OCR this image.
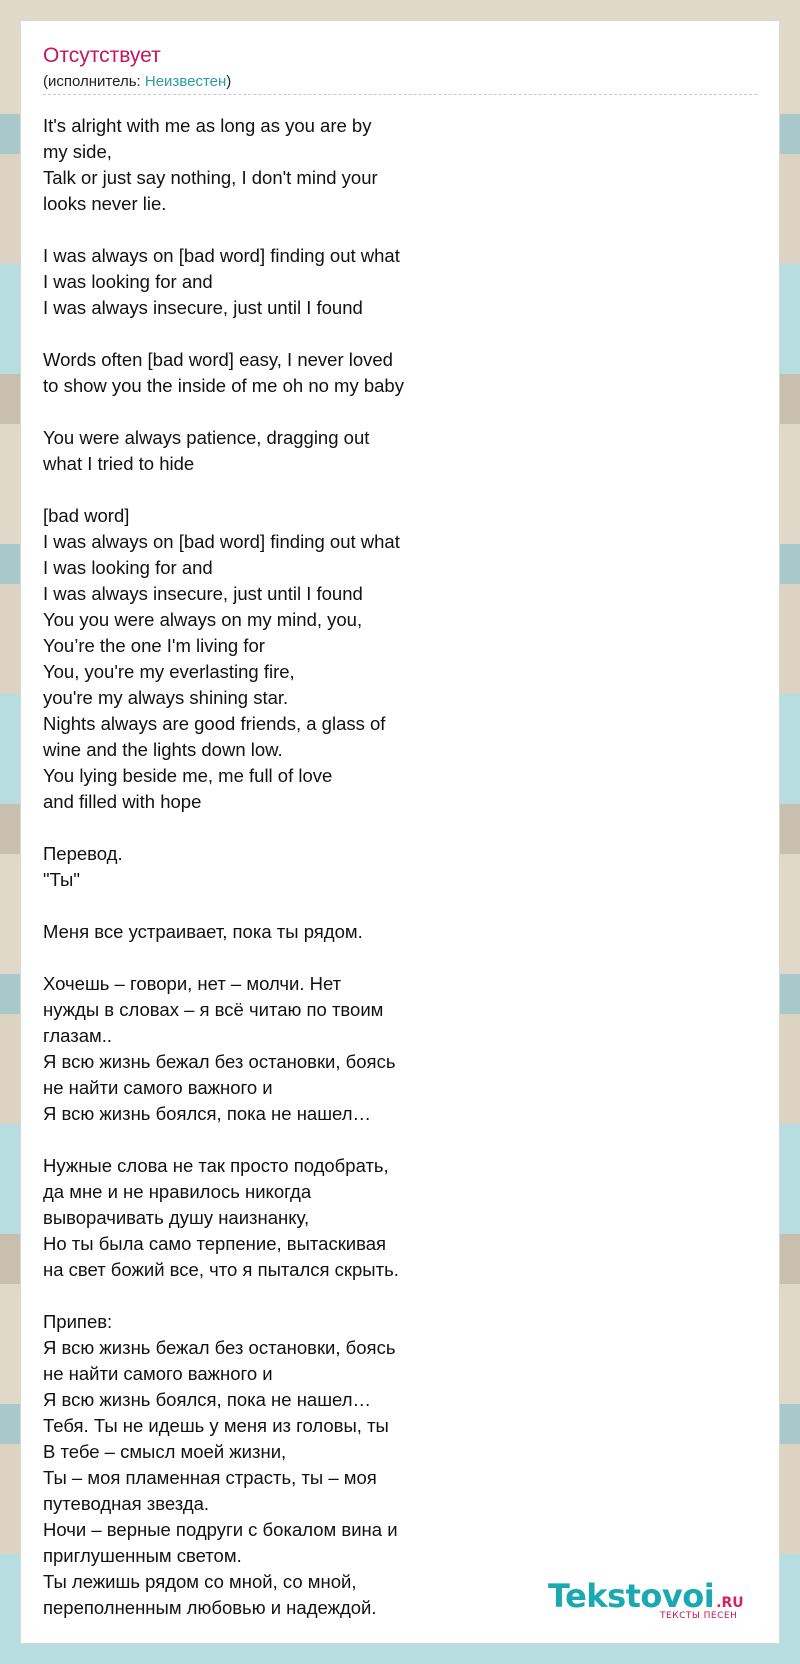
Отсутствует
(исполнитель: Неизвестен)
It's alright with me as long as you are by
my side,
Talk or just say nothing, I don't mind your
looks never lie.

I was always on [bad word] finding out what
I was looking for and
I was always insecure, just until I found

Words often [bad word] easy, I never loved
to show you the inside of me oh no my baby

You were always patience, dragging out
what I tried to hide

[bad word]
I was always on [bad word] finding out what
I was looking for and
I was always insecure, just until I found
You you were always on my mind, you,
You’re the one I'm living for
You, you're my everlasting fire,
you're my always shining star.
Nights always are good friends, a glass of
wine and the lights down low.
You lying beside me, me full of love
and filled with hope

Перевод.
"Ты"

Меня все устраивает, пока ты рядом.

Хочешь – говори, нет – молчи. Нет
нужды в словах – я всё читаю по твоим
глазам..
Я всю жизнь бежал без остановки, боясь
не найти самого важного и
Я всю жизнь боялся, пока не нашел…

Нужные слова не так просто подобрать,
да мне и не нравилось никогда
выворачивать душу наизнанку,
Но ты была само терпение, вытаскивая
на свет божий все, что я пытался скрыть.

Припев:
Я всю жизнь бежал без остановки, боясь
не найти самого важного и
Я всю жизнь боялся, пока не нашел…
Тебя. Ты не идешь у меня из головы, ты
В тебе – смысл моей жизни,
Ты – моя пламенная страсть, ты – моя
путеводная звезда.
Ночи – верные подруги с бокалом вина и
приглушенным светом.
Ты лежишь рядом со мной, со мной,
переполненным любовью и надеждой.	Tekstovoi .RU
ТЕКСТЫ ПЕСЕН
